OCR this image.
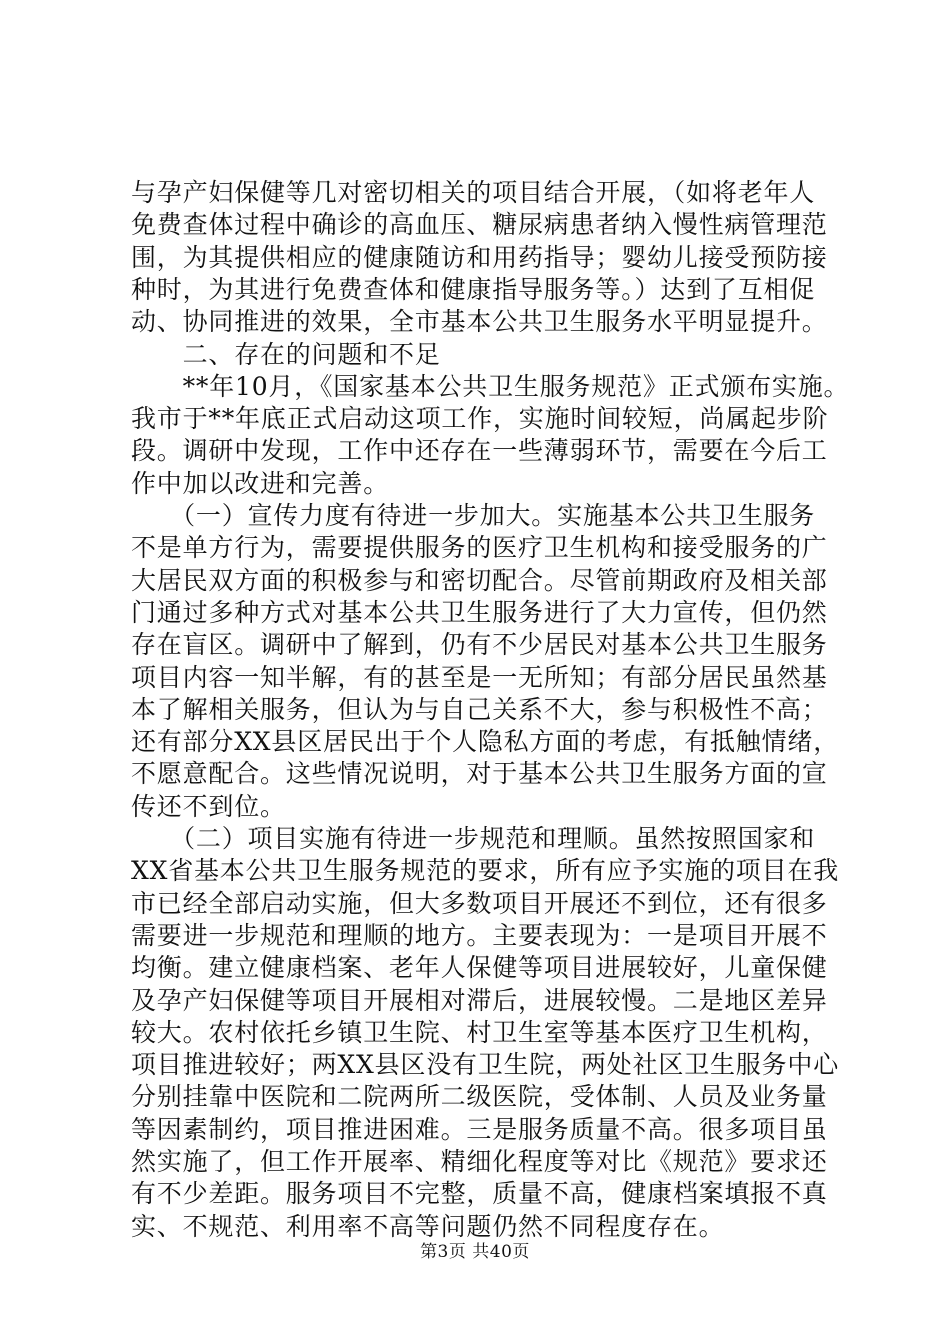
与孕产妇保健等几对密切相关的项目结合开展，（如将老年人
免费查体过程中确诊的高血压、糖尿病患者纳入慢性病管理范
围，为其提供相应的健康随访和用药指导；婴幼儿接受预防接
种时，为其进行免费查体和健康指导服务等。）达到了互相促
动、协同推进的效果，全市基本公共卫生服务水平明显提升。
　　二、存在的问题和不足
　　**年10月，《国家基本公共卫生服务规范》正式颁布实施。
我市于**年底正式启动这项工作，实施时间较短，尚属起步阶
段。调研中发现，工作中还存在一些薄弱环节，需要在今后工
作中加以改进和完善。
　　（一）宣传力度有待进一步加大。实施基本公共卫生服务
不是单方行为，需要提供服务的医疗卫生机构和接受服务的广
大居民双方面的积极参与和密切配合。尽管前期政府及相关部
门通过多种方式对基本公共卫生服务进行了大力宣传，但仍然
存在盲区。调研中了解到，仍有不少居民对基本公共卫生服务
项目内容一知半解，有的甚至是一无所知；有部分居民虽然基
本了解相关服务，但认为与自己关系不大，参与积极性不高；
还有部分XX县区居民出于个人隐私方面的考虑，有抵触情绪，
不愿意配合。这些情况说明，对于基本公共卫生服务方面的宣
传还不到位。
　　（二）项目实施有待进一步规范和理顺。虽然按照国家和
XX省基本公共卫生服务规范的要求，所有应予实施的项目在我
市已经全部启动实施，但大多数项目开展还不到位，还有很多
需要进一步规范和理顺的地方。主要表现为：一是项目开展不
均衡。建立健康档案、老年人保健等项目进展较好，儿童保健
及孕产妇保健等项目开展相对滞后，进展较慢。二是地区差异
较大。农村依托乡镇卫生院、村卫生室等基本医疗卫生机构，
项目推进较好；两XX县区没有卫生院，两处社区卫生服务中心
分别挂靠中医院和二院两所二级医院，受体制、人员及业务量
等因素制约，项目推进困难。三是服务质量不高。很多项目虽
然实施了，但工作开展率、精细化程度等对比《规范》要求还
有不少差距。服务项目不完整，质量不高，健康档案填报不真
实、不规范、利用率不高等问题仍然不同程度存在。
第3页 共40页
